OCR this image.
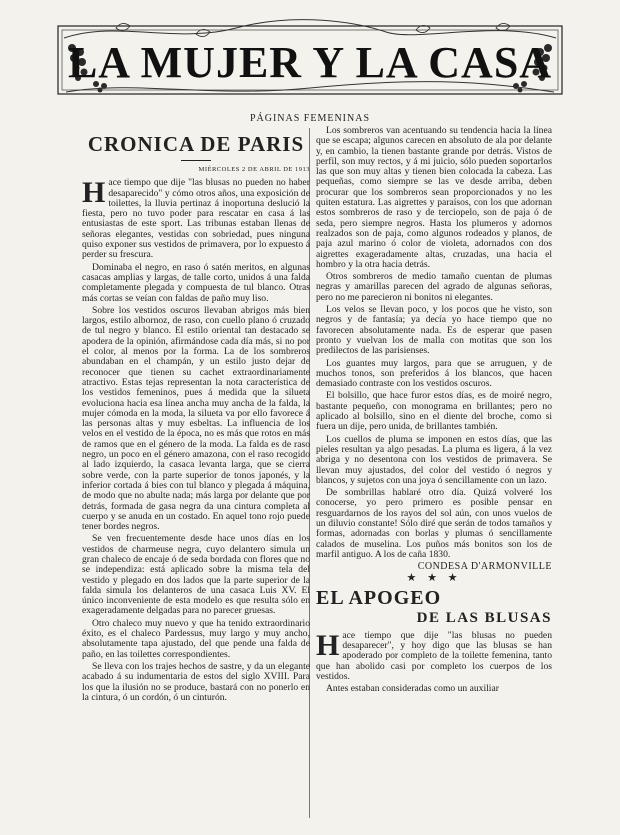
LA MUJER Y LA CASA
PÁGINAS FEMENINAS
CRONICA DE PARIS
MIÉRCOLES 2 DE ABRIL DE 1913

Hace tiempo que dije "las blusas no pueden no haber desaparecido" y cómo otros años, una exposición de toilettes, la lluvia pertinaz á inoportuna deslució la fiesta, pero no tuvo poder para rescatar en casa á las entusiastas de este sport. Las tribunas estaban llenas de señoras elegantes, vestidas con sobriedad, pues ninguna quiso exponer sus vestidos de primavera, por lo expuesto á perder su frescura.

Dominaba el negro, en raso ó satén meritos, en algunas casacas amplias y largas, de talle corto, unidos á una falda completamente plegada y compuesta de tul blanco. Otras más cortas se veían con faldas de paño muy liso.

Sobre los vestidos oscuros llevaban abrigos más bien largos, estilo albornoz, de raso, con cuello plano ó cruzado de tul negro y blanco. El estilo oriental tan destacado se apodera de la opinión, afirmándose cada día más, si no por el color, al menos por la forma. La de los sombreros abundaban en el champán, y un estilo justo dejar de reconocer que tienen su cachet extraordinariamente atractivo. Estas tejas representan la nota característica de los vestidos femeninos, pues á medida que la silueta evoluciona hacia esa línea ancha muy ancha de la falda, la mujer cómoda en la moda, la silueta va por ello favorece á las personas altas y muy esbeltas. La influencia de los velos en el vestido de la época, no es más que rotos en más de ramos que en el género de la moda. La falda es de raso negro, un poco en el género amazona, con el raso recogido al lado izquierdo, la casaca levanta larga, que se cierra sobre verde, con la parte superior de tonos japonés, y la inferior cortada á bies con tul blanco y plegada á máquina, de modo que no abulte nada; más larga por delante que por detrás, formada de gasa negra da una cintura completa al cuerpo y se anuda en un costado. En aquel tono rojo puede tener bordes negros.

Se ven frecuentemente desde hace unos días en los vestidos de charmeuse negra, cuyo delantero simula un gran chaleco de encaje ó de seda bordada con flores que no se independiza: está aplicado sobre la misma tela del vestido y plegado en dos lados que la parte superior de la falda simula los delanteros de una casaca Luis XV. El único inconveniente de esta modelo es que resulta sólo en exageradamente delgadas para no parecer gruesas.

Otro chaleco muy nuevo y que ha tenido extraordinario éxito, es el chaleco Pardessus, muy largo y muy ancho, absolutamente tapa ajustado, del que pende una falda de paño, en las toilettes correspondientes.

Se lleva con los trajes hechos de sastre, y da un elegante acabado á su indumentaria de estos del siglo XVIII. Para los que la ilusión no se produce, bastará con no ponerlo en la cintura, ó un cordón, ó un cinturón.

Los sombreros van acentuando su tendencia hacia la línea que se escapa; algunos carecen en absoluto de ala por delante y, en cambio, la tienen bastante grande por detrás. Vistos de perfil, son muy rectos, y á mi juicio, sólo pueden soportarlos las que son muy altas y tienen bien colocada la cabeza. Las pequeñas, como siempre se las ve desde arriba, deben procurar que los sombreros sean proporcionados y no les quiten estatura. Las aigrettes y paraísos, con los que adornan estos sombreros de raso y de terciopelo, son de paja ó de seda, pero siempre negros. Hasta los plumeros y adornos realzados son de paja, como algunos rodeados y planos, de paja azul marino ó color de violeta, adornados con dos aigrettes exageradamente altas, cruzadas, una hacia el hombro y la otra hacia detrás.

Otros sombreros de medio tamaño cuentan de plumas negras y amarillas parecen del agrado de algunas señoras, pero no me parecieron ni bonitos ni elegantes.

Los velos se llevan poco, y los pocos que he visto, son negros y de fantasía; ya decía yo hace tiempo que no favorecen absolutamente nada. Es de esperar que pasen pronto y vuelvan los de malla con motitas que son los predilectos de las parisienses.

Los guantes muy largos, para que se arruguen, y de muchos tonos, son preferidos á los blancos, que hacen demasiado contraste con los vestidos oscuros.

El bolsillo, que hace furor estos días, es de moiré negro, bastante pequeño, con monograma en brillantes; pero no aplicado al bolsillo, sino en el diente del broche, como si fuera un dije, pero unida, de brillantes también.

Los cuellos de pluma se imponen en estos días, que las pieles resultan ya algo pesadas. La pluma es ligera, á la vez abriga y no desentona con los vestidos de primavera. Se llevan muy ajustados, del color del vestido ó negros y blancos, y sujetos con una joya ó sencillamente con un lazo.

De sombrillas hablaré otro día. Quizá volveré los conocerse, yo pero primero es posible pensar en resguardarnos de los rayos del sol aún, con unos vuelos de un diluvio constante! Sólo diré que serán de todos tamaños y formas, adornadas con borlas y plumas ó sencillamente calados de muselina. Los puños más bonitos son los de marfil antiguo. A los de caña 1830.

CONDESA D'ARMONVILLE
★ ★ ★
EL APOGEO
DE LAS BLUSAS

Hace tiempo que dije "las blusas no pueden desaparecer", y hoy digo que las blusas se han apoderado por completo de la toilette femenina, tanto que han abolido casi por completo los cuerpos de los vestidos.

Antes estaban consideradas como un auxiliar
